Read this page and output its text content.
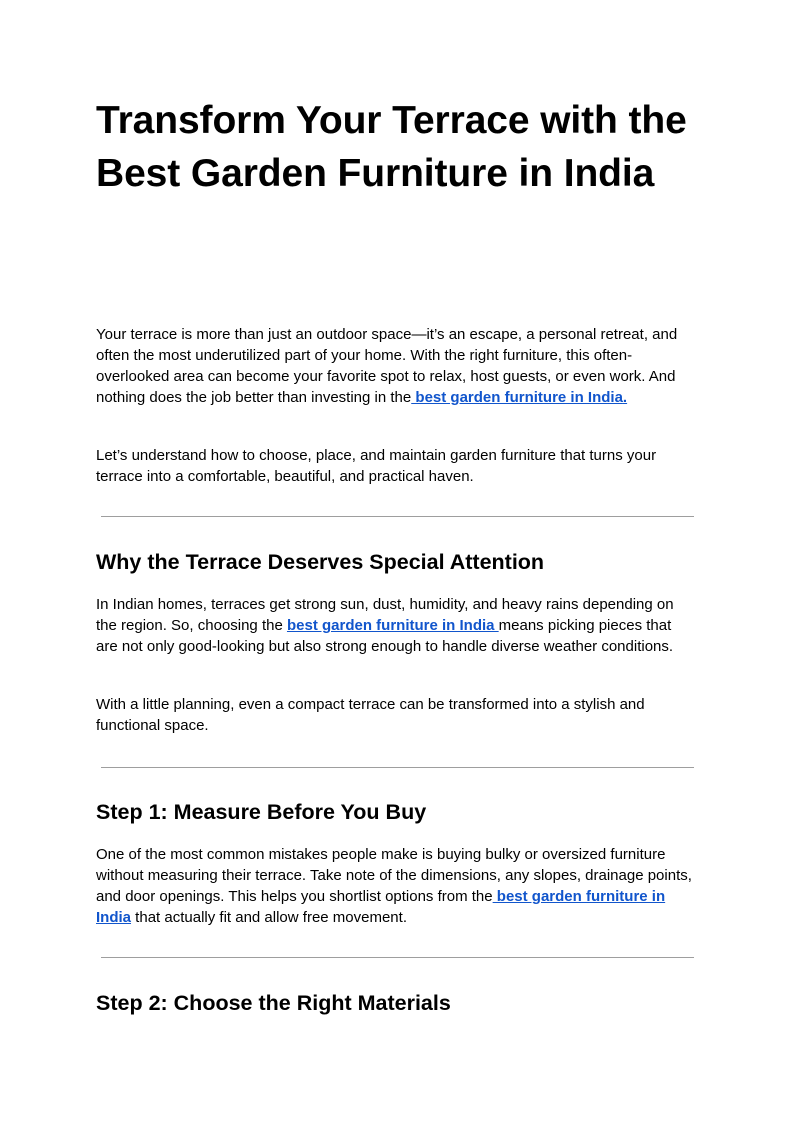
Transform Your Terrace with the Best Garden Furniture in India

Your terrace is more than just an outdoor space—it’s an escape, a personal retreat, and often the most underutilized part of your home. With the right furniture, this often-overlooked area can become your favorite spot to relax, host guests, or even work. And nothing does the job better than investing in the best garden furniture in India.

Let’s understand how to choose, place, and maintain garden furniture that turns your terrace into a comfortable, beautiful, and practical haven.

Why the Terrace Deserves Special Attention

In Indian homes, terraces get strong sun, dust, humidity, and heavy rains depending on the region. So, choosing the best garden furniture in India means picking pieces that are not only good-looking but also strong enough to handle diverse weather conditions.

With a little planning, even a compact terrace can be transformed into a stylish and functional space.

Step 1: Measure Before You Buy

One of the most common mistakes people make is buying bulky or oversized furniture without measuring their terrace. Take note of the dimensions, any slopes, drainage points, and door openings. This helps you shortlist options from the best garden furniture in India that actually fit and allow free movement.

Step 2: Choose the Right Materials
